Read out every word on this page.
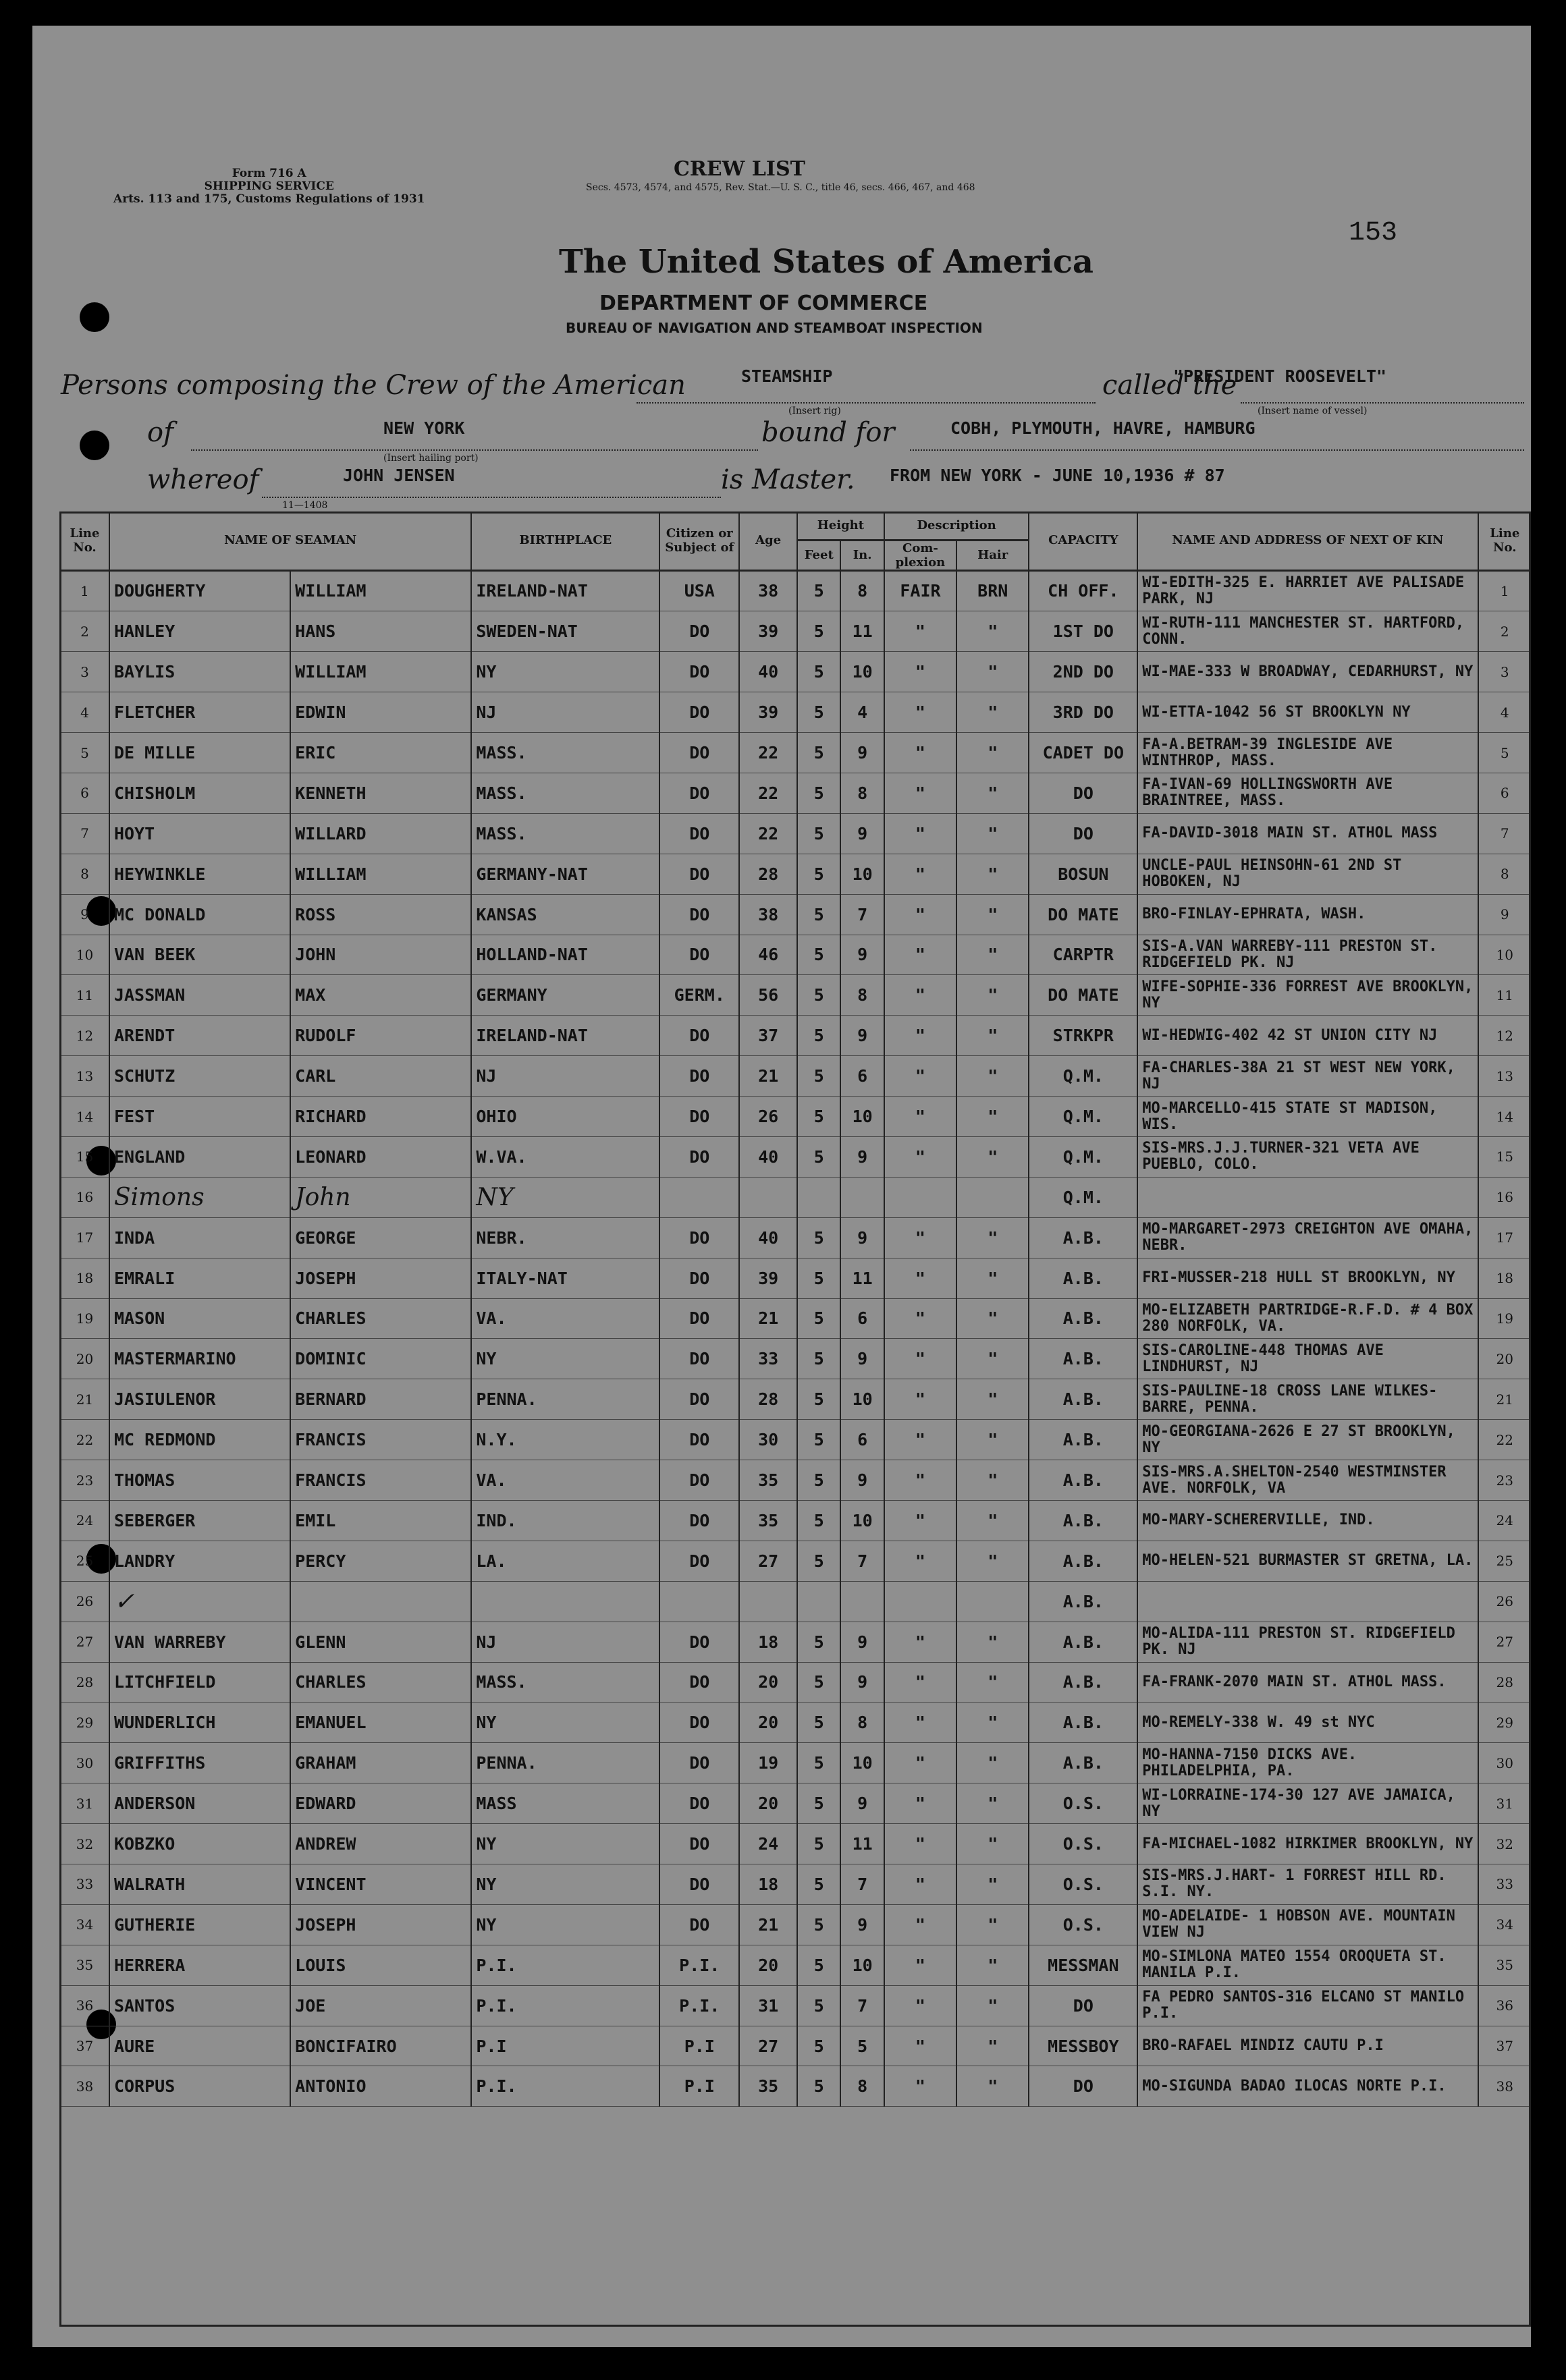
Form 716 A
SHIPPING SERVICE
Arts. 113 and 175, Customs Regulations of 1931
CREW LIST
Secs. 4573, 4574, and 4575, Rev. Stat.—U. S. C., title 46, secs. 466, 467, and 468
153
The United States of America
DEPARTMENT OF COMMERCE
BUREAU OF NAVIGATION AND STEAMBOAT INSPECTION
Persons composing the Crew of the American	STEAMSHIP
(Insert rig)
called the
"PRESIDENT ROOSEVELT"
(Insert name of vessel)
of	NEW YORK
(Insert hailing port)
bound for	COBH, PLYMOUTH, HAVRE, HAMBURG
whereof	JOHN JENSEN
11—1408
is Master. FROM NEW YORK - JUNE 10,1936 # 87
Line No.	NAME OF SEAMAN		BIRTHPLACE	Citizen or Subject of	Age	Height		Description		CAPACITY	NAME AND ADDRESS OF NEXT OF KIN	Line No.
						Feet	In.	Com- plexion	Hair			
1	DOUGHERTY	WILLIAM	IRELAND-NAT	USA	38	5	8	FAIR	BRN	CH OFF.	WI-EDITH-325 E. HARRIET AVE PALISADE PARK, NJ	1
2	HANLEY	HANS	SWEDEN-NAT	DO	39	5	11	"	"	1ST DO	WI-RUTH-111 MANCHESTER ST. HARTFORD, CONN.	2
3	BAYLIS	WILLIAM	NY	DO	40	5	10	"	"	2ND DO	WI-MAE-333 W BROADWAY, CEDARHURST, NY	3
4	FLETCHER	EDWIN	NJ	DO	39	5	4	"	"	3RD DO	WI-ETTA-1042 56 ST BROOKLYN NY	4
5	DE MILLE	ERIC	MASS.	DO	22	5	9	"	"	CADET DO	FA-A.BETRAM-39 INGLESIDE AVE WINTHROP, MASS.	5
6	CHISHOLM	KENNETH	MASS.	DO	22	5	8	"	"	DO	FA-IVAN-69 HOLLINGSWORTH AVE BRAINTREE, MASS.	6
7	HOYT	WILLARD	MASS.	DO	22	5	9	"	"	DO	FA-DAVID-3018 MAIN ST. ATHOL MASS	7
8	HEYWINKLE	WILLIAM	GERMANY-NAT	DO	28	5	10	"	"	BOSUN	UNCLE-PAUL HEINSOHN-61 2ND ST HOBOKEN, NJ	8
9	MC DONALD	ROSS	KANSAS	DO	38	5	7	"	"	DO MATE	BRO-FINLAY-EPHRATA, WASH.	9
10	VAN BEEK	JOHN	HOLLAND-NAT	DO	46	5	9	"	"	CARPTR	SIS-A.VAN WARREBY-111 PRESTON ST. RIDGEFIELD PK. NJ	10
11	JASSMAN	MAX	GERMANY	GERM.	56	5	8	"	"	DO MATE	WIFE-SOPHIE-336 FORREST AVE BROOKLYN, NY	11
12	ARENDT	RUDOLF	IRELAND-NAT	DO	37	5	9	"	"	STRKPR	WI-HEDWIG-402 42 ST UNION CITY NJ	12
13	SCHUTZ	CARL	NJ	DO	21	5	6	"	"	Q.M.	FA-CHARLES-38A 21 ST WEST NEW YORK, NJ	13
14	FEST	RICHARD	OHIO	DO	26	5	10	"	"	Q.M.	MO-MARCELLO-415 STATE ST MADISON, WIS.	14
15	ENGLAND	LEONARD	W.VA.	DO	40	5	9	"	"	Q.M.	SIS-MRS.J.J.TURNER-321 VETA AVE PUEBLO, COLO.	15
16	Simons	John	NY							Q.M.		16
17	INDA	GEORGE	NEBR.	DO	40	5	9	"	"	A.B.	MO-MARGARET-2973 CREIGHTON AVE OMAHA, NEBR.	17
18	EMRALI	JOSEPH	ITALY-NAT	DO	39	5	11	"	"	A.B.	FRI-MUSSER-218 HULL ST BROOKLYN, NY	18
19	MASON	CHARLES	VA.	DO	21	5	6	"	"	A.B.	MO-ELIZABETH PARTRIDGE-R.F.D. # 4 BOX 280 NORFOLK, VA.	19
20	MASTERMARINO	DOMINIC	NY	DO	33	5	9	"	"	A.B.	SIS-CAROLINE-448 THOMAS AVE LINDHURST, NJ	20
21	JASIULENOR	BERNARD	PENNA.	DO	28	5	10	"	"	A.B.	SIS-PAULINE-18 CROSS LANE WILKES-BARRE, PENNA.	21
22	MC REDMOND	FRANCIS	N.Y.	DO	30	5	6	"	"	A.B.	MO-GEORGIANA-2626 E 27 ST BROOKLYN, NY	22
23	THOMAS	FRANCIS	VA.	DO	35	5	9	"	"	A.B.	SIS-MRS.A.SHELTON-2540 WESTMINSTER AVE. NORFOLK, VA	23
24	SEBERGER	EMIL	IND.	DO	35	5	10	"	"	A.B.	MO-MARY-SCHERERVILLE, IND.	24
25	LANDRY	PERCY	LA.	DO	27	5	7	"	"	A.B.	MO-HELEN-521 BURMASTER ST GRETNA, LA.	25
26	✓									A.B.		26
27	VAN WARREBY	GLENN	NJ	DO	18	5	9	"	"	A.B.	MO-ALIDA-111 PRESTON ST. RIDGEFIELD PK. NJ	27
28	LITCHFIELD	CHARLES	MASS.	DO	20	5	9	"	"	A.B.	FA-FRANK-2070 MAIN ST. ATHOL MASS.	28
29	WUNDERLICH	EMANUEL	NY	DO	20	5	8	"	"	A.B.	MO-REMELY-338 W. 49 st NYC	29
30	GRIFFITHS	GRAHAM	PENNA.	DO	19	5	10	"	"	A.B.	MO-HANNA-7150 DICKS AVE. PHILADELPHIA, PA.	30
31	ANDERSON	EDWARD	MASS	DO	20	5	9	"	"	O.S.	WI-LORRAINE-174-30 127 AVE JAMAICA, NY	31
32	KOBZKO	ANDREW	NY	DO	24	5	11	"	"	O.S.	FA-MICHAEL-1082 HIRKIMER BROOKLYN, NY	32
33	WALRATH	VINCENT	NY	DO	18	5	7	"	"	O.S.	SIS-MRS.J.HART- 1 FORREST HILL RD. S.I. NY.	33
34	GUTHERIE	JOSEPH	NY	DO	21	5	9	"	"	O.S.	MO-ADELAIDE- 1 HOBSON AVE. MOUNTAIN VIEW NJ	34
35	HERRERA	LOUIS	P.I.	P.I.	20	5	10	"	"	MESSMAN	MO-SIMLONA MATEO 1554 OROQUETA ST. MANILA P.I.	35
36	SANTOS	JOE	P.I.	P.I.	31	5	7	"	"	DO	FA PEDRO SANTOS-316 ELCANO ST MANILO P.I.	36
37	AURE	BONCIFAIRO	P.I	P.I	27	5	5	"	"	MESSBOY	BRO-RAFAEL MINDIZ CAUTU P.I	37
38	CORPUS	ANTONIO	P.I.	P.I	35	5	8	"	"	DO	MO-SIGUNDA BADAO ILOCAS NORTE P.I.	38
